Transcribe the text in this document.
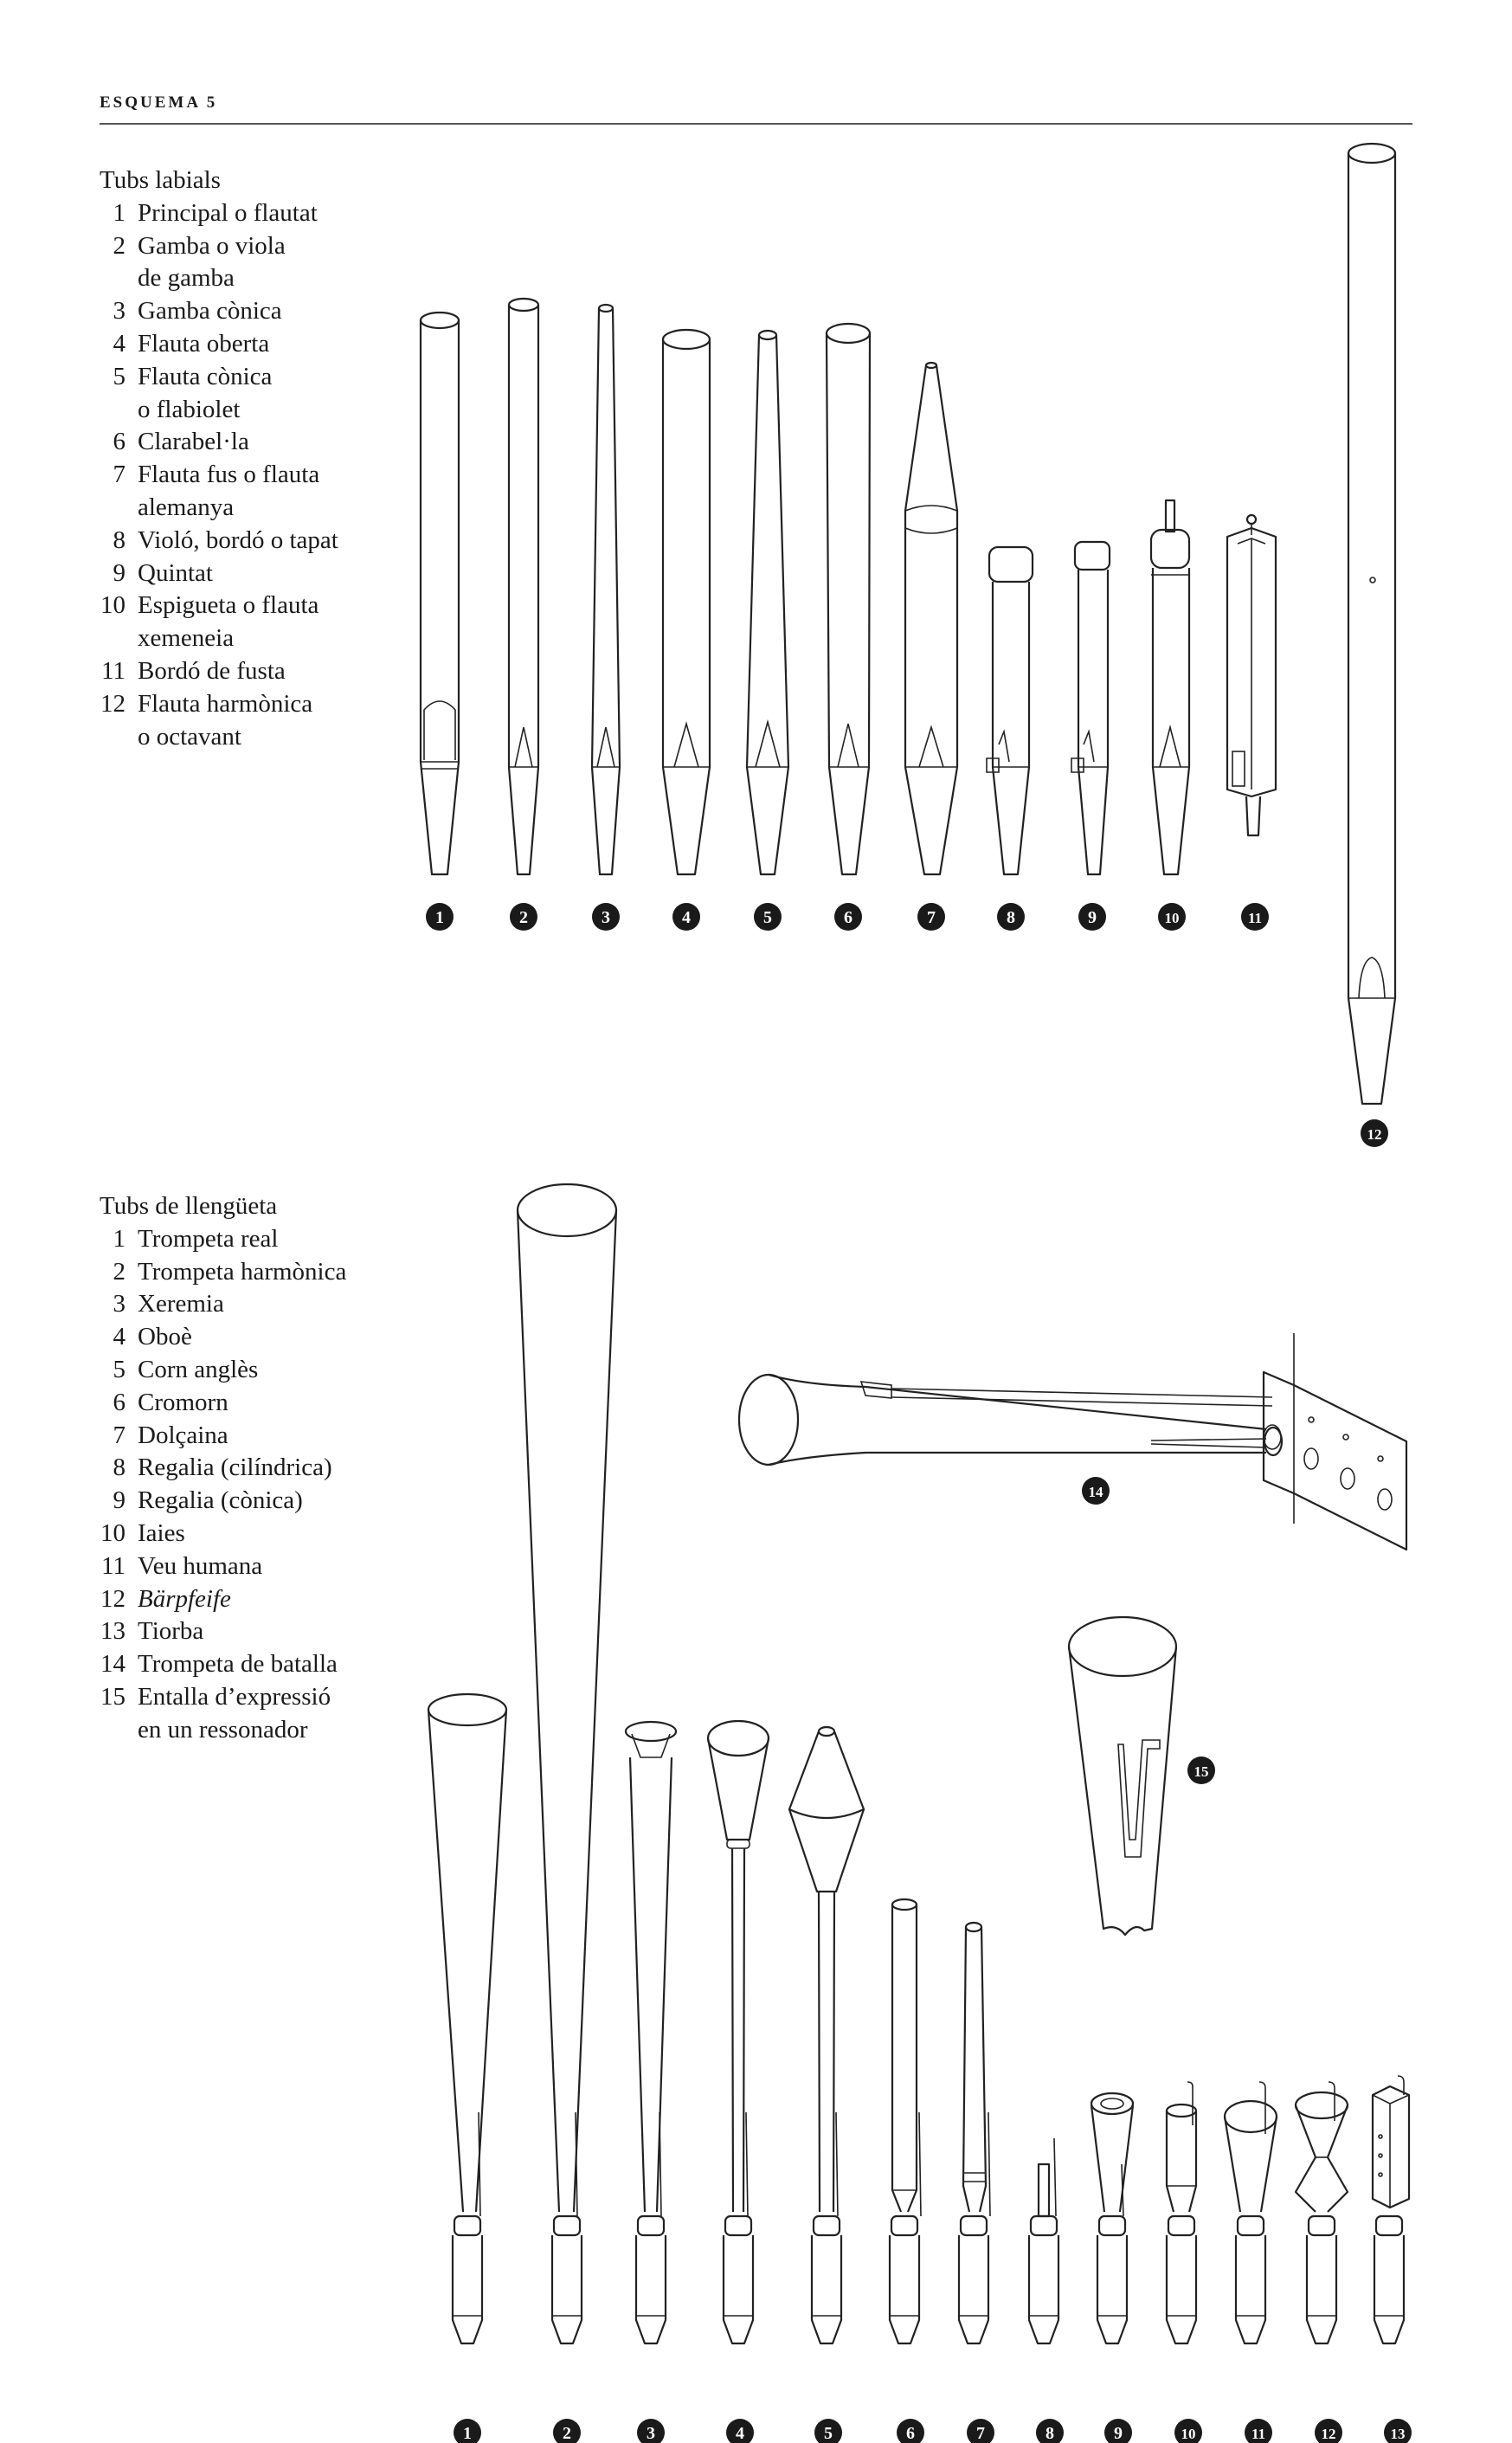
ESQUEMA 5
Tubs labials
1 Principal o flautat
2 Gamba o viola
de gamba
3 Gamba cònica
4 Flauta oberta
5 Flauta cònica
o flabiolet
6 Clarabel·la
7 Flauta fus o flauta
alemanya
8 Violó, bordó o tapat
9 Quintat
10 Espigueta o flauta
xemeneia
11 Bordó de fusta
12 Flauta harmònica
o octavant
Tubs de llengüeta
1 Trompeta real
2 Trompeta harmònica
3 Xeremia
4 Oboè
5 Corn anglès
6 Cromorn
7 Dolçaina
8 Regalia (cilíndrica)
9 Regalia (cònica)
10 Iaies
11 Veu humana
12 Bärpfeife
13 Tiorba
14 Trompeta de batalla
15 Entalla d’expressió
en un ressonador
1	2	3	4	5	6	7	8	9	10	11
12
1	2	3	4	5	6	7	8	9	10	11	12	13
14
15
